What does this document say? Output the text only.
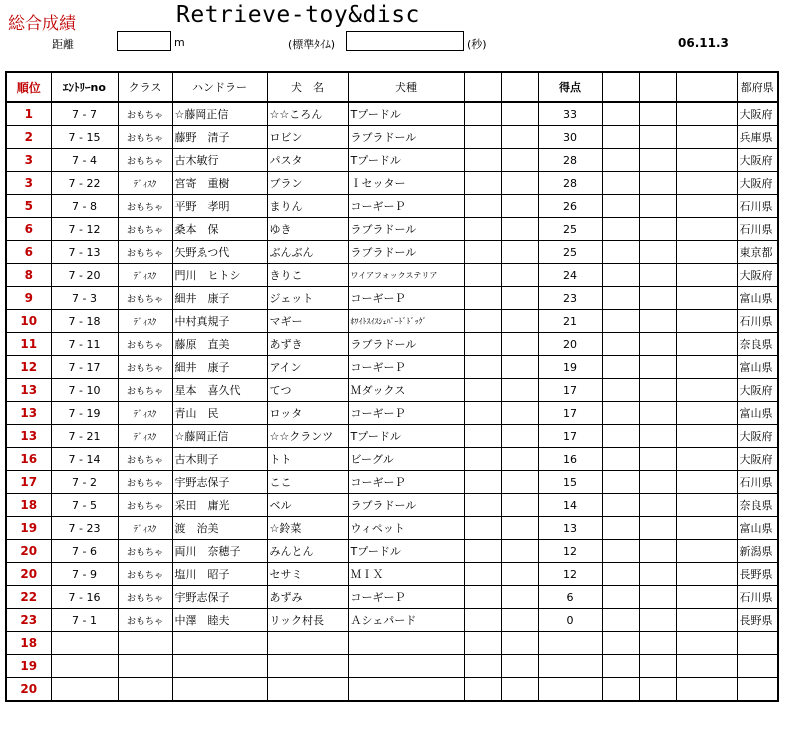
総合成績	Retrieve-toy&disc
距離	m	(標準ﾀｲﾑ)	(秒)	06.11.3
順位	ｴﾝﾄﾘｰno	クラス	ハンドラー	犬　名	犬種			得点				都府県
1	7 - 7	おもちゃ	☆藤岡正信	☆☆ころん	Tプードル			33				大阪府
2	7 - 15	おもちゃ	藤野　清子	ロビン	ラブラドール			30				兵庫県
3	7 - 4	おもちゃ	古木敏行	パスタ	Tプードル			28				大阪府
3	7 - 22	ﾃﾞｨｽｸ	宮寄　重樹	ブラン	Ｉセッター			28				大阪府
5	7 - 8	おもちゃ	平野　孝明	まりん	コーギーＰ			26				石川県
6	7 - 12	おもちゃ	桑本　保	ゆき	ラブラドール			25				石川県
6	7 - 13	おもちゃ	矢野ゑつ代	ぶんぶん	ラブラドール			25				東京都
8	7 - 20	ﾃﾞｨｽｸ	門川　ヒトシ	きりこ	ワイアフォックステリア			24				大阪府
9	7 - 3	おもちゃ	細井　康子	ジェット	コーギーＰ			23				富山県
10	7 - 18	ﾃﾞｨｽｸ	中村真規子	マギー	ﾎﾜｲﾄｽｲｽｼｪﾊﾟｰﾄﾞﾄﾞｯｸﾞ			21				石川県
11	7 - 11	おもちゃ	藤原　直美	あずき	ラブラドール			20				奈良県
12	7 - 17	おもちゃ	細井　康子	アイン	コーギーＰ			19				富山県
13	7 - 10	おもちゃ	星本　喜久代	てつ	Ｍダックス			17				大阪府
13	7 - 19	ﾃﾞｨｽｸ	青山　民	ロッタ	コーギーＰ			17				富山県
13	7 - 21	ﾃﾞｨｽｸ	☆藤岡正信	☆☆クランツ	Tプードル			17				大阪府
16	7 - 14	おもちゃ	古木則子	トト	ビーグル			16				大阪府
17	7 - 2	おもちゃ	宇野志保子	ここ	コーギーＰ			15				石川県
18	7 - 5	おもちゃ	采田　庸光	ベル	ラブラドール			14				奈良県
19	7 - 23	ﾃﾞｨｽｸ	渡　治美	☆鈴菜	ウィペット			13				富山県
20	7 - 6	おもちゃ	両川　奈穂子	みんとん	Tプードル			12				新潟県
20	7 - 9	おもちゃ	塩川　昭子	セサミ	ＭＩＸ			12				長野県
22	7 - 16	おもちゃ	宇野志保子	あずみ	コーギーＰ			6				石川県
23	7 - 1	おもちゃ	中澤　睦夫	リック村長	Ａシェパード			0				長野県
18												
19												
20												
